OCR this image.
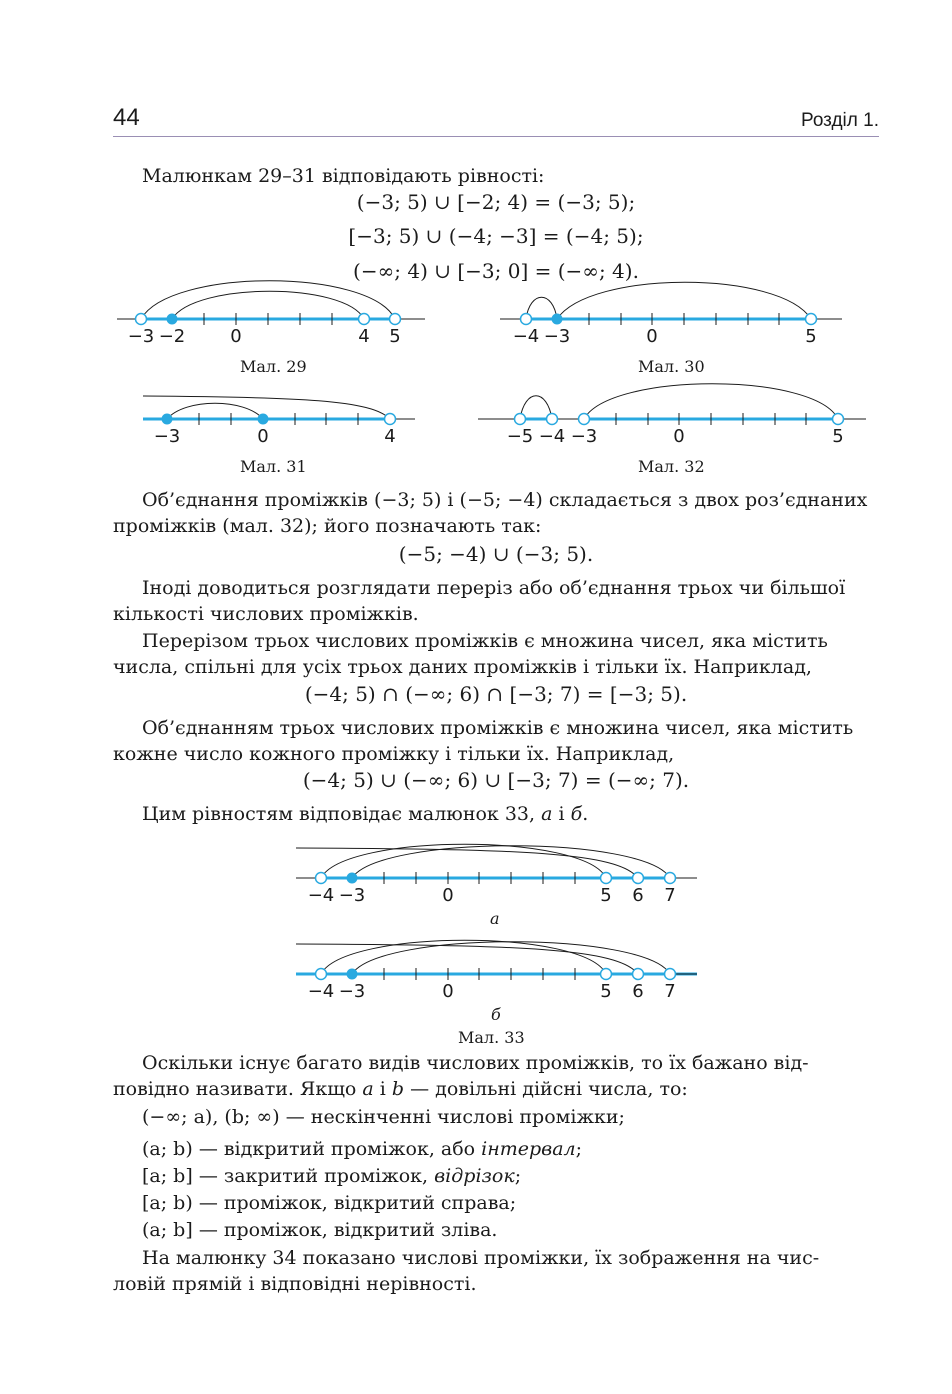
44	Розділ 1.
Малюнкам 29–31 відповідають рівності:
(−3; 5) ∪ [−2; 4) = (−3; 5);
[−3; 5) ∪ (−4; −3] = (−4; 5);
(−∞; 4) ∪ [−3; 0] = (−∞; 4).
−3 −2	0	4 5	−4 −3	0	5
−3	0	4	−5 −4 −3	0	5
−4 −3	0	5 6 7
−4 −3	0	5 6 7
Мал. 29	Мал. 30
Мал. 31	Мал. 32
Об’єднання проміжків (−3; 5) і (−5; −4) складається з двох роз’єднаних
проміжків (мал. 32); його позначають так:
(−5; −4) ∪ (−3; 5).
Іноді доводиться розглядати переріз або об’єднання трьох чи більшої
кількості числових проміжків.
Перерізом трьох числових проміжків є множина чисел, яка містить
числа, спільні для усіх трьох даних проміжків і тільки їх. Наприклад,
(−4; 5) ∩ (−∞; 6) ∩ [−3; 7) = [−3; 5).
Об’єднанням трьох числових проміжків є множина чисел, яка містить
кожне число кожного проміжку і тільки їх. Наприклад,
(−4; 5) ∪ (−∞; 6) ∪ [−3; 7) = (−∞; 7).
Цим рівностям відповідає малюнок 33, а і б.
а
б
Мал. 33
Оскільки існує багато видів числових проміжків, то їх бажано від-
повідно називати. Якщо a і b — довільні дійсні числа, то:
(−∞; a), (b; ∞) — нескінченні числові проміжки;
(a; b) — відкритий проміжок, або інтервал;
[a; b] — закритий проміжок, відрізок;
[a; b) — проміжок, відкритий справа;
(a; b] — проміжок, відкритий зліва.
На малюнку 34 показано числові проміжки, їх зображення на чис-
ловій прямій і відповідні нерівності.
